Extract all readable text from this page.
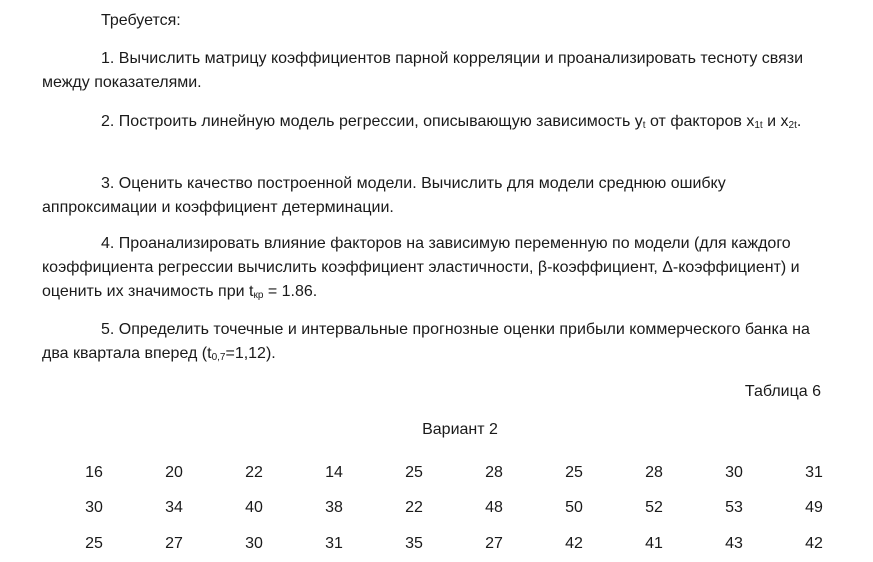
Требуется:

1. Вычислить матрицу коэффициентов парной корреляции и проанализировать тесноту связи между показателями.

2. Построить линейную модель регрессии, описывающую зависимость $y_t$ от факторов $x_{1t}$ и $x_{2t}$.

3. Оценить качество построенной модели. Вычислить для модели среднюю ошибку аппроксимации и коэффициент детерминации.

4. Проанализировать влияние факторов на зависимую переменную по модели (для каждого коэффициента регрессии вычислить коэффициент эластичности, β-коэффициент, Δ-коэффициент) и оценить их значимость при $t_{кр} = 1.86$.

5. Определить точечные и интервальные прогнозные оценки прибыли коммерческого банка на два квартала вперед $(t_{0,7}=1,12)$.

Таблица 6

Вариант 2

16	20	22	14	25	28	25	28	30	31
30	34	40	38	22	48	50	52	53	49
25	27	30	31	35	27	42	41	43	42
